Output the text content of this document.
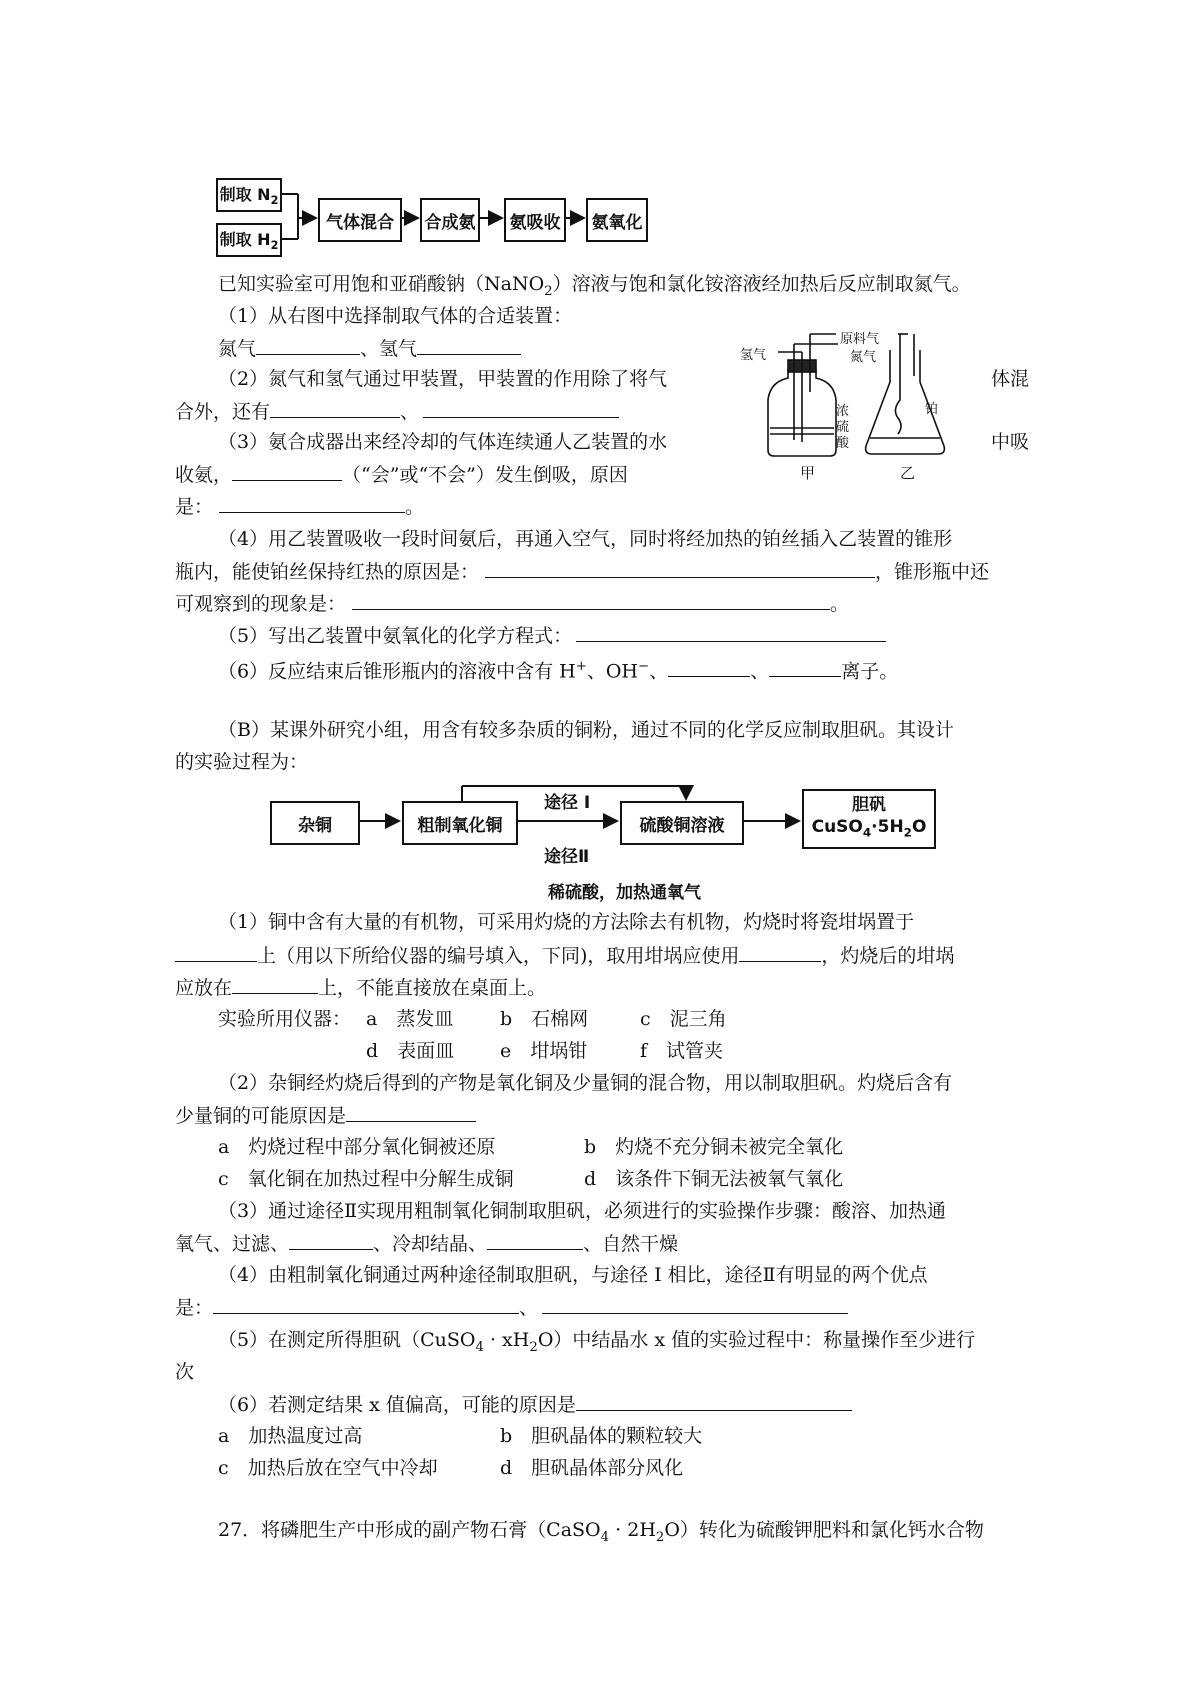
制取 $N_2$
制取 $H_2$
气体混合 合成氨 氨吸收 氨氧化
已知实验室可用饱和亚硝酸钠（NaNO$_2$）溶液与饱和氯化铵溶液经加热后反应制取氮气。
（1）从右图中选择制取气体的合适装置：
氮气	、氢气
（2）氮气和氢气通过甲装置，甲装置的作用除了将气	体混
合外，还有	、
（3）氨合成器出来经冷却的气体连续通人乙装置的水	中吸
收氨，	（“会”或“不会”）发生倒吸，原因
是：	。
（4）用乙装置吸收一段时间氨后，再通入空气，同时将经加热的铂丝插入乙装置的锥形
瓶内，能使铂丝保持红热的原因是：	，锥形瓶中还
可观察到的现象是：	。
（5）写出乙装置中氨氧化的化学方程式：
（6）反应结束后锥形瓶内的溶液中含有 H+、OH−、	、	离子。
原料气
氢气	氮气
浓
硫
酸
铂
甲	乙
（B）某课外研究小组，用含有较多杂质的铜粉，通过不同的化学反应制取胆矾。其设计
的实验过程为：
杂铜	粗制氧化铜	硫酸铜溶液
胆矾
$CuSO_4\cdot 5H_2O$
途径 I
途径Ⅱ
稀硫酸，加热通氧气
（1）铜中含有大量的有机物，可采用灼烧的方法除去有机物，灼烧时将瓷坩埚置于
上（用以下所给仪器的编号填入，下同)，取用坩埚应使用	，灼烧后的坩埚
应放在	上，不能直接放在桌面上。
实验所用仪器： a　蒸发皿 b　石棉网	c　泥三角
d　表面皿 e　坩埚钳	f　试管夹
（2）杂铜经灼烧后得到的产物是氧化铜及少量铜的混合物，用以制取胆矾。灼烧后含有
少量铜的可能原因是
a　灼烧过程中部分氧化铜被还原	b　灼烧不充分铜未被完全氧化
c　氧化铜在加热过程中分解生成铜	d　该条件下铜无法被氧气氧化
（3）通过途径Ⅱ实现用粗制氧化铜制取胆矾，必须进行的实验操作步骤：酸溶、加热通
氧气、过滤、	、冷却结晶、	、自然干燥
（4）由粗制氧化铜通过两种途径制取胆矾，与途径 I 相比，途径Ⅱ有明显的两个优点
是：	、
（5）在测定所得胆矾（CuSO$_4$ · $xH_2O$）中结晶水 x 值的实验过程中：称量操作至少进行
次
（6）若测定结果 x 值偏高，可能的原因是
a　加热温度过高	b　胆矾晶体的颗粒较大
c　加热后放在空气中冷却	d　胆矾晶体部分风化
27．将磷肥生产中形成的副产物石膏（CaSO$_4$ · $2H_2O$）转化为硫酸钾肥料和氯化钙水合物
